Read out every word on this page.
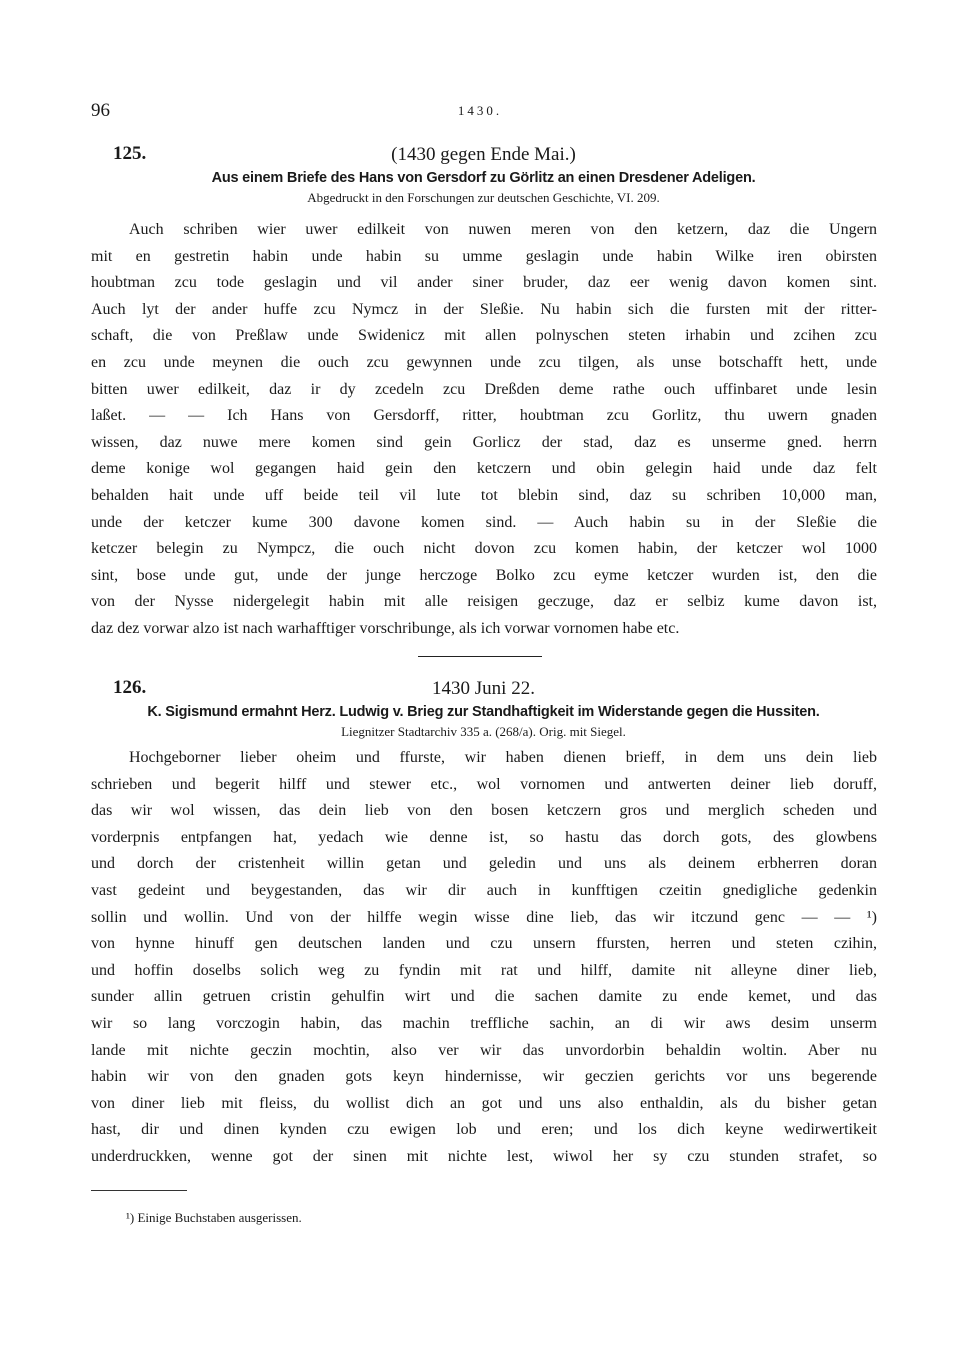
96	1430.
125.	(1430 gegen Ende Mai.)
Aus einem Briefe des Hans von Gersdorf zu Görlitz an einen Dresdener Adeligen.
Abgedruckt in den Forschungen zur deutschen Geschichte, VI. 209.
Auch schriben wier uwer edilkeit von nuwen meren von den ketzern, daz die Ungern
mit en gestretin habin unde habin su umme geslagin unde habin Wilke iren obirsten
houbtman zcu tode geslagin und vil ander siner bruder, daz eer wenig davon komen sint.
Auch lyt der ander huffe zcu Nymcz in der Sleßie. Nu habin sich die fursten mit der ritter-
schaft, die von Preßlaw unde Swidenicz mit allen polnyschen steten irhabin und zcihen zcu
en zcu unde meynen die ouch zcu gewynnen unde zcu tilgen, als unse botschafft hett, unde
bitten uwer edilkeit, daz ir dy zcedeln zcu Dreßden deme rathe ouch uffinbaret unde lesin
laßet. — — Ich Hans von Gersdorff, ritter, houbtman zcu Gorlitz, thu uwern gnaden
wissen, daz nuwe mere komen sind gein Gorlicz der stad, daz es unserme gned. herrn
deme konige wol gegangen haid gein den ketczern und obin gelegin haid unde daz felt
behalden hait unde uff beide teil vil lute tot blebin sind, daz su schriben 10,000 man,
unde der ketczer kume 300 davone komen sind. — Auch habin su in der Sleßie die
ketczer belegin zu Nympcz, die ouch nicht dovon zcu komen habin, der ketczer wol 1000
sint, bose unde gut, unde der junge herczoge Bolko zcu eyme ketczer wurden ist, den die
von der Nysse nidergelegit habin mit alle reisigen geczuge, daz er selbiz kume davon ist,
daz dez vorwar alzo ist nach warhafftiger vorschribunge, als ich vorwar vornomen habe etc.
126.	1430 Juni 22.
K. Sigismund ermahnt Herz. Ludwig v. Brieg zur Standhaftigkeit im Widerstande gegen die Hussiten.
Liegnitzer Stadtarchiv 335 a. (268/a). Orig. mit Siegel.
Hochgeborner lieber oheim und ffurste, wir haben dienen brieff, in dem uns dein lieb
schrieben und begerit hilff und stewer etc., wol vornomen und antwerten deiner lieb doruff,
das wir wol wissen, das dein lieb von den bosen ketczern gros und merglich scheden und
vorderpnis entpfangen hat, yedach wie denne ist, so hastu das dorch gots, des glowbens
und dorch der cristenheit willin getan und geledin und uns als deinem erbherren doran
vast gedeint und beygestanden, das wir dir auch in kunfftigen czeitin gnedigliche gedenkin
sollin und wollin. Und von der hilffe wegin wisse dine lieb, das wir itczund genc — — ¹)
von hynne hinuff gen deutschen landen und czu unsern ffursten, herren und steten czihin,
und hoffin doselbs solich weg zu fyndin mit rat und hilff, damite nit alleyne diner lieb,
sunder allin getruen cristin gehulfin wirt und die sachen damite zu ende kemet, und das
wir so lang vorczogin habin, das machin treffliche sachin, an di wir aws desim unserm
lande mit nichte geczin mochtin, also ver wir das unvordorbin behaldin woltin. Aber nu
habin wir von den gnaden gots keyn hindernisse, wir geczien gerichts vor uns begerende
von diner lieb mit fleiss, du wollist dich an got und uns also enthaldin, als du bisher getan
hast, dir und dinen kynden czu ewigen lob und eren; und los dich keyne wedirwertikeit
underdruckken, wenne got der sinen mit nichte lest, wiwol her sy czu stunden strafet, so
¹) Einige Buchstaben ausgerissen.
